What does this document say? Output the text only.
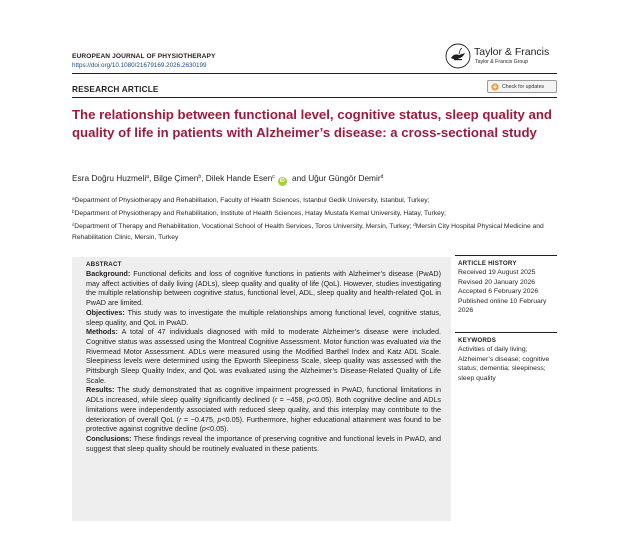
EUROPEAN JOURNAL OF PHYSIOTHERAPY
https://doi.org/10.1080/21679169.2026.2630199
Taylor & Francis
Taylor & Francis Group
RESEARCH ARTICLE	Check for updates
The relationship between functional level, cognitive status, sleep quality and quality of life in patients with Alzheimer’s disease: a cross-sectional study
Esra Doğru Huzmeli$^a$, Bilge Çimen$^b$, Dilek Hande Esen$^c$iD and Uğur Güngör Demir$^d$
$^a$Department of Physiotherapy and Rehabilitation, Faculty of Health Sciences, Istanbul Gedik University, Istanbul, Turkey;
$^b$Department of Physiotherapy and Rehabilitation, Institute of Health Sciences, Hatay Mustafa Kemal University, Hatay, Turkey;
$^c$Department of Therapy and Rehabilitation, Vocational School of Health Services, Toros University, Mersin, Turkey; $^d$Mersin City Hospital Physical Medicine and Rehabilitation Clinic, Mersin, Turkey
ABSTRACT

Background: Functional deficits and loss of cognitive functions in patients with Alzheimer’s disease (PwAD) may affect activities of daily living (ADLs), sleep quality and quality of life (QoL). However, studies investigating the multiple relationship between cognitive status, functional level, ADL, sleep quality and health-related QoL in PwAD are limited.

Objectives: This study was to investigate the multiple relationships among functional level, cognitive status, sleep quality, and QoL in PwAD.

Methods: A total of 47 individuals diagnosed with mild to moderate Alzheimer’s disease were included. Cognitive status was assessed using the Montreal Cognitive Assessment. Motor function was evaluated via the Rivermead Motor Assessment. ADLs were measured using the Modified Barthel Index and Katz ADL Scale. Sleepiness levels were determined using the Epworth Sleepiness Scale, sleep quality was assessed with the Pittsburgh Sleep Quality Index, and QoL was evaluated using the Alzheimer’s Disease-Related Quality of Life Scale.

Results: The study demonstrated that as cognitive impairment progressed in PwAD, functional limitations in ADLs increased, while sleep quality significantly declined (r = −458, p<0.05). Both cognitive decline and ADLs limitations were independently associated with reduced sleep quality, and this interplay may contribute to the deterioration of overall QoL (r = −0.475, p<0.05). Furthermore, higher educational attainment was found to be protective against cognitive decline (p<0.05).

Conclusions: These findings reveal the importance of preserving cognitive and functional levels in PwAD, and suggest that sleep quality should be routinely evaluated in these patients.

ARTICLE HISTORY
Received 19 August 2025
Revised 20 January 2026
Accepted 6 February 2026
Published online 10 February 2026
KEYWORDS
Activities of daily living; Alzheimer’s disease; cognitive status; dementia; sleepiness; sleep quality
